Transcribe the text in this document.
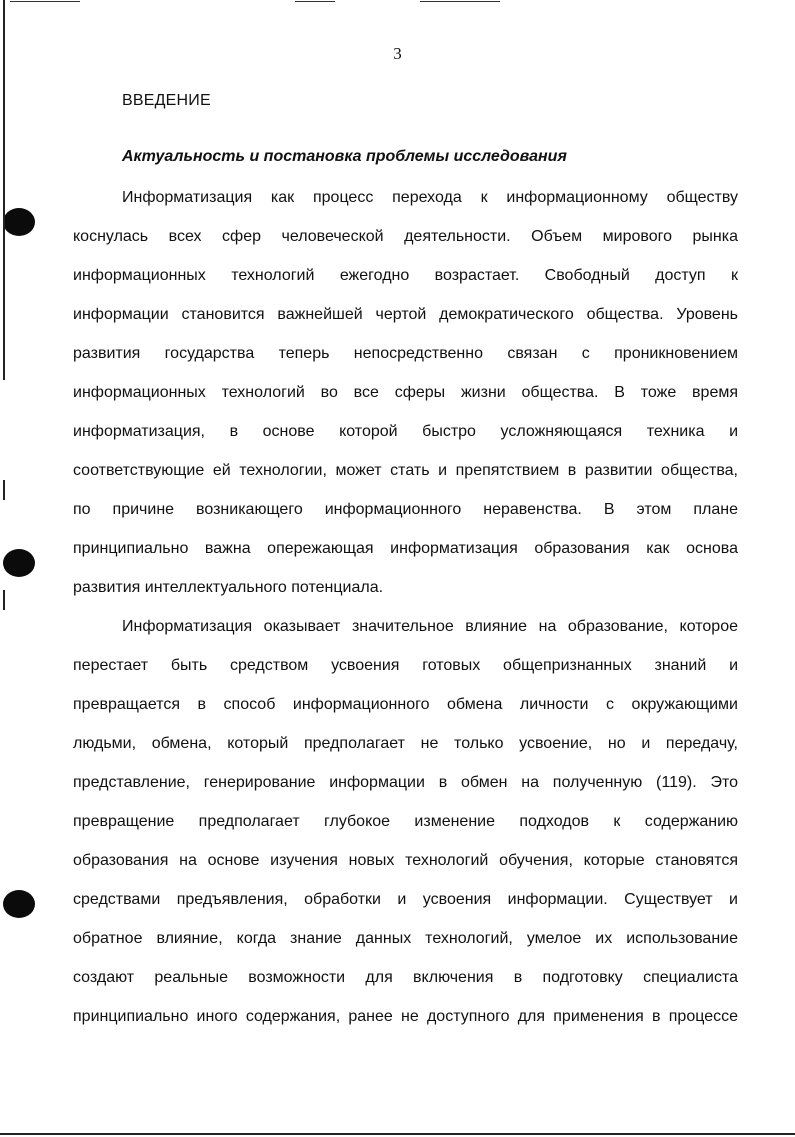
3
ВВЕДЕНИЕ
Актуальность и постановка проблемы исследования
Информатизация как процесс перехода к информационному обществу
коснулась всех сфер человеческой деятельности. Объем мирового рынка
информационных технологий ежегодно возрастает. Свободный доступ к
информации становится важнейшей чертой демократического общества. Уровень
развития государства теперь непосредственно связан с проникновением
информационных технологий во все сферы жизни общества. В тоже время
информатизация, в основе которой быстро усложняющаяся техника и
соответствующие ей технологии, может стать и препятствием в развитии общества,
по причине возникающего информационного неравенства. В этом плане
принципиально важна опережающая информатизация образования как основа
развития интеллектуального потенциала.
Информатизация оказывает значительное влияние на образование, которое
перестает быть средством усвоения готовых общепризнанных знаний и
превращается в способ информационного обмена личности с окружающими
людьми, обмена, который предполагает не только усвоение, но и передачу,
представление, генерирование информации в обмен на полученную (119). Это
превращение предполагает глубокое изменение подходов к содержанию
образования на основе изучения новых технологий обучения, которые становятся
средствами предъявления, обработки и усвоения информации. Существует и
обратное влияние, когда знание данных технологий, умелое их использование
создают реальные возможности для включения в подготовку специалиста
принципиально иного содержания, ранее не доступного для применения в процессе
